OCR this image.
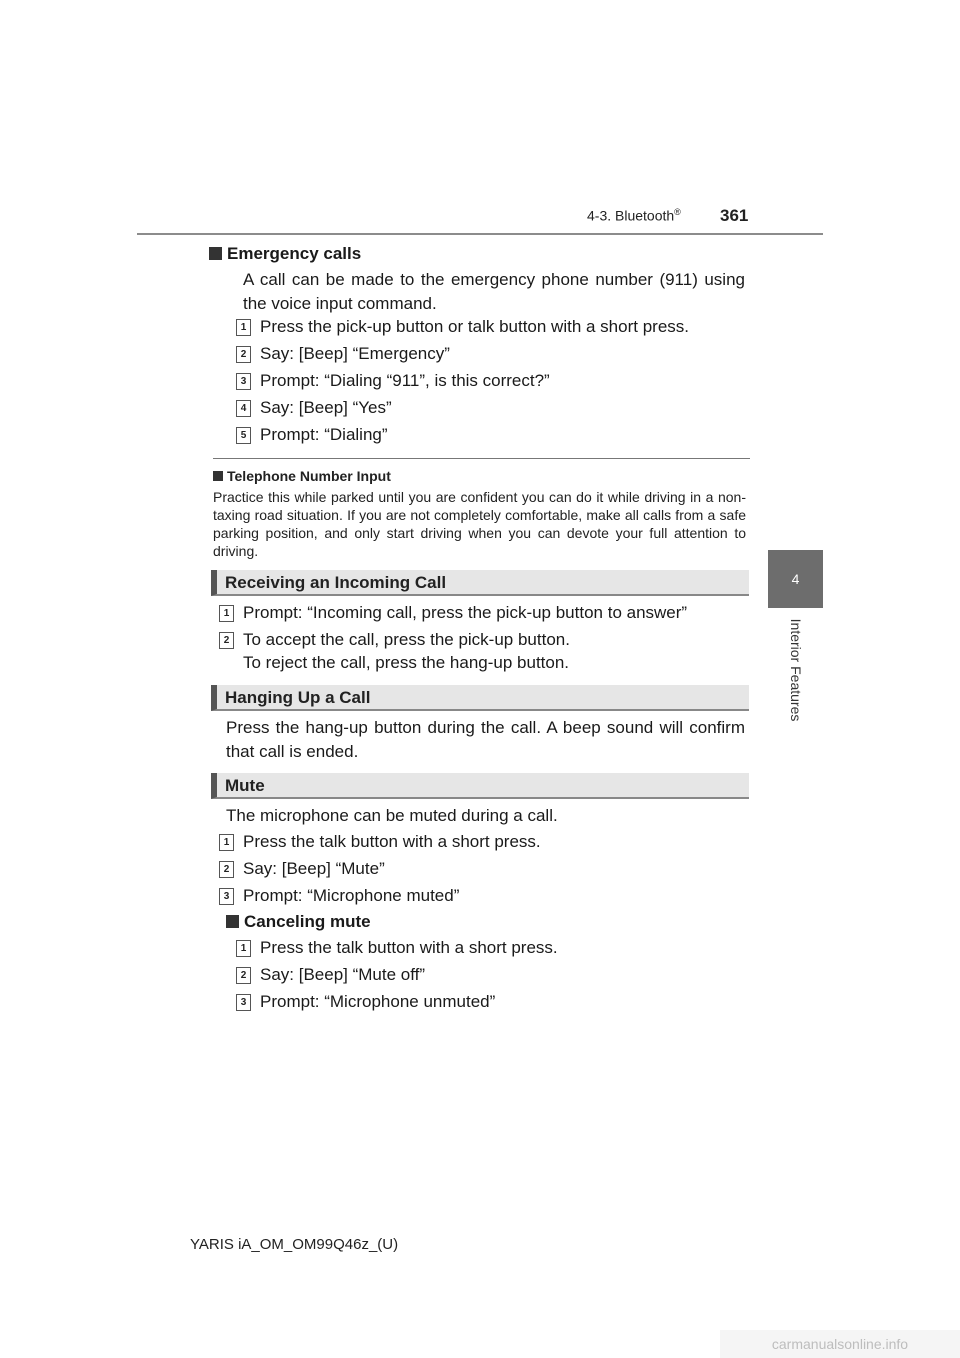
4-3. Bluetooth® 361
4
Interior Features
Emergency calls
A call can be made to the emergency phone number (911) using the voice input command.
1 Press the pick-up button or talk button with a short press.
2 Say: [Beep] “Emergency”
3 Prompt: “Dialing “911”, is this correct?”
4 Say: [Beep] “Yes”
5 Prompt: “Dialing”
Telephone Number Input
Practice this while parked until you are confident you can do it while driving in a non-taxing road situation. If you are not completely comfortable, make all calls from a safe parking position, and only start driving when you can devote your full attention to driving.
Receiving an Incoming Call
1 Prompt: “Incoming call, press the pick-up button to answer”
2 To accept the call, press the pick-up button.
To reject the call, press the hang-up button.
Hanging Up a Call
Press the hang-up button during the call. A beep sound will confirm that call is ended.
Mute
The microphone can be muted during a call.
1 Press the talk button with a short press.
2 Say: [Beep] “Mute”
3 Prompt: “Microphone muted”
Canceling mute
1 Press the talk button with a short press.
2 Say: [Beep] “Mute off”
3 Prompt: “Microphone unmuted”
YARIS iA_OM_OM99Q46z_(U)
carmanualsonline.info
